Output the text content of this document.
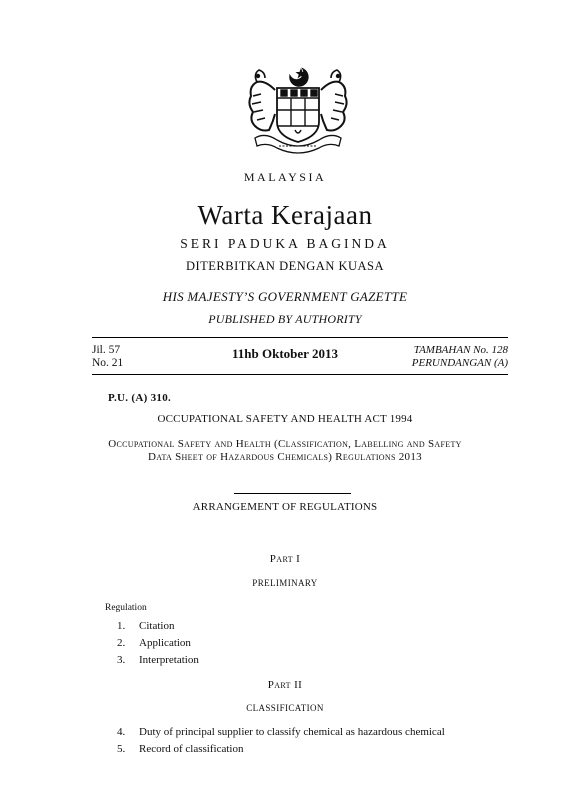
MALAYSIA
Warta Kerajaan
SERI PADUKA BAGINDA
DITERBITKAN DENGAN KUASA
HIS MAJESTY’S GOVERNMENT GAZETTE
PUBLISHED BY AUTHORITY
Jil. 57
No. 21
11hb Oktober 2013	TAMBAHAN No. 128
PERUNDANGAN (A)
P.U. (A) 310.
OCCUPATIONAL SAFETY AND HEALTH ACT 1994
Occupational Safety and Health (Classification, Labelling and Safety
Data Sheet of Hazardous Chemicals) Regulations 2013
ARRANGEMENT OF REGULATIONS
Part I
PRELIMINARY
Regulation
1. Citation
2. Application
3. Interpretation
Part II
CLASSIFICATION
4. Duty of principal supplier to classify chemical as hazardous chemical
5. Record of classification
